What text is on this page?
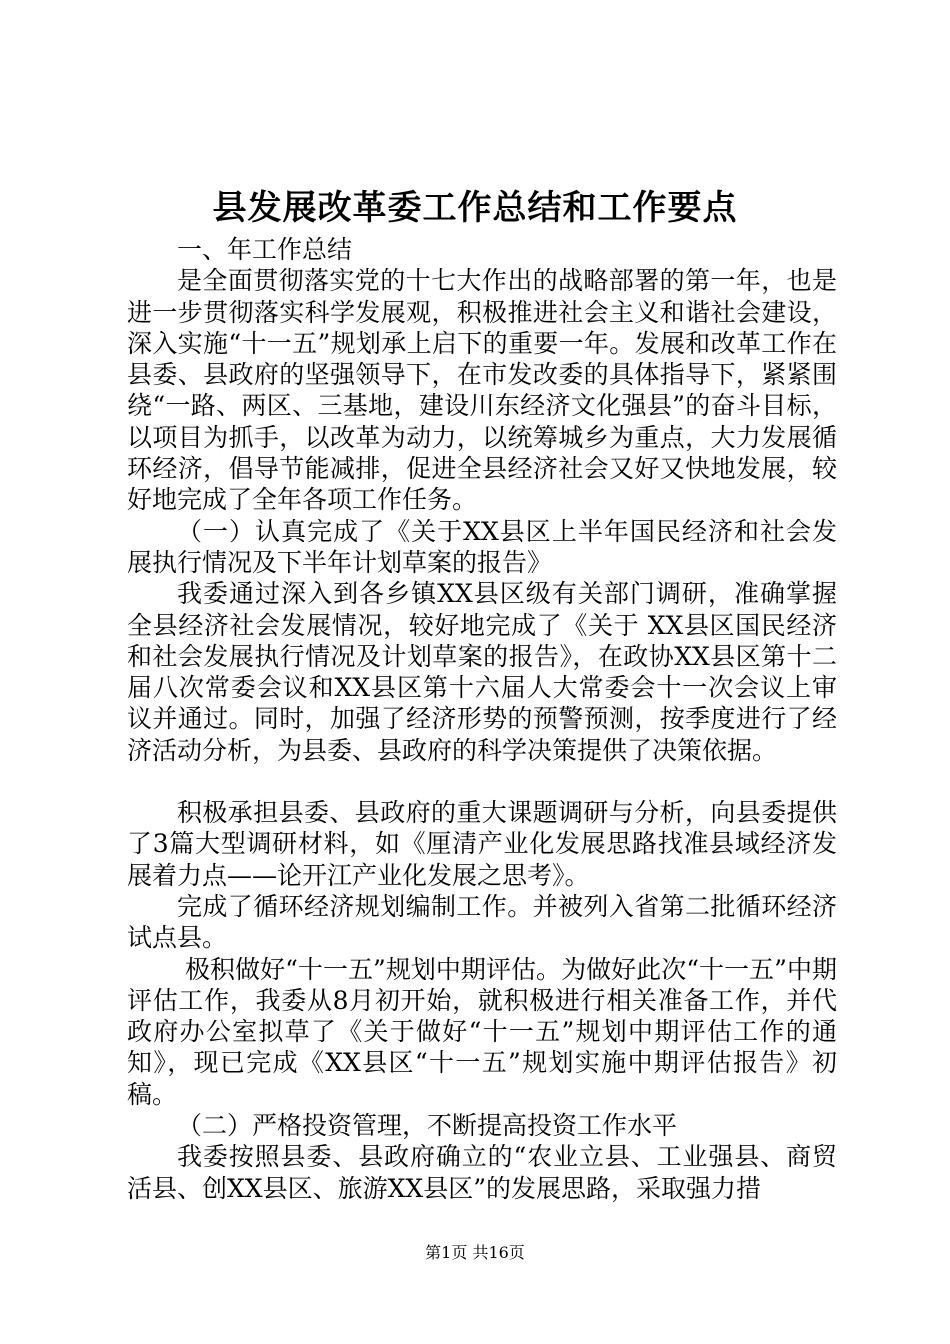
县发展改革委工作总结和工作要点

一、年工作总结

是全面贯彻落实党的十七大作出的战略部署的第一年，也是进一步贯彻落实科学发展观，积极推进社会主义和谐社会建设，深入实施“十一五”规划承上启下的重要一年。发展和改革工作在县委、县政府的坚强领导下，在市发改委的具体指导下，紧紧围绕“一路、两区、三基地，建设川东经济文化强县”的奋斗目标，以项目为抓手，以改革为动力，以统筹城乡为重点，大力发展循环经济，倡导节能减排，促进全县经济社会又好又快地发展，较好地完成了全年各项工作任务。

（一）认真完成了《关于XX县区上半年国民经济和社会发展执行情况及下半年计划草案的报告》

我委通过深入到各乡镇XX县区级有关部门调研，准确掌握全县经济社会发展情况，较好地完成了《关于 XX县区国民经济和社会发展执行情况及计划草案的报告》，在政协XX县区第十二届八次常委会议和XX县区第十六届人大常委会十一次会议上审议并通过。同时，加强了经济形势的预警预测，按季度进行了经济活动分析，为县委、县政府的科学决策提供了决策依据。

积极承担县委、县政府的重大课题调研与分析，向县委提供了3篇大型调研材料，如《厘清产业化发展思路找准县域经济发展着力点——论开江产业化发展之思考》。

完成了循环经济规划编制工作。并被列入省第二批循环经济试点县。

极积做好“十一五”规划中期评估。为做好此次“十一五”中期评估工作，我委从8月初开始，就积极进行相关准备工作，并代政府办公室拟草了《关于做好“十一五”规划中期评估工作的通知》，现已完成《XX县区“十一五”规划实施中期评估报告》初稿。

（二）严格投资管理，不断提高投资工作水平

我委按照县委、县政府确立的“农业立县、工业强县、商贸活县、创XX县区、旅游XX县区”的发展思路，采取强力措

第1页 共16页
